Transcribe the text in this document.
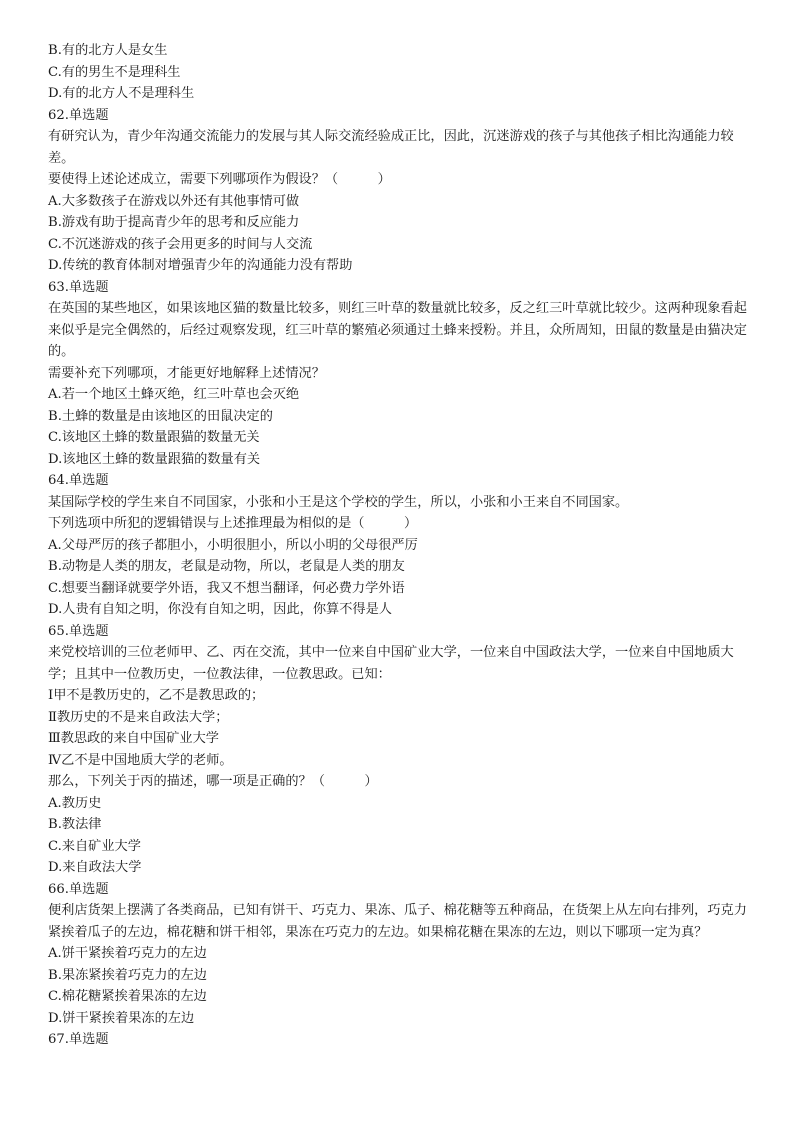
B.有的北方人是女生

C.有的男生不是理科生

D.有的北方人不是理科生

62.单选题

有研究认为，青少年沟通交流能力的发展与其人际交流经验成正比，因此，沉迷游戏的孩子与其他孩子相比沟通能力较差。

要使得上述论述成立，需要下列哪项作为假设？（　　　）

A.大多数孩子在游戏以外还有其他事情可做

B.游戏有助于提高青少年的思考和反应能力

C.不沉迷游戏的孩子会用更多的时间与人交流

D.传统的教育体制对增强青少年的沟通能力没有帮助

63.单选题

在英国的某些地区，如果该地区猫的数量比较多，则红三叶草的数量就比较多，反之红三叶草就比较少。这两种现象看起来似乎是完全偶然的，后经过观察发现，红三叶草的繁殖必须通过土蜂来授粉。并且，众所周知，田鼠的数量是由猫决定的。

需要补充下列哪项，才能更好地解释上述情况？

A.若一个地区土蜂灭绝，红三叶草也会灭绝

B.土蜂的数量是由该地区的田鼠决定的

C.该地区土蜂的数量跟猫的数量无关

D.该地区土蜂的数量跟猫的数量有关

64.单选题

某国际学校的学生来自不同国家，小张和小王是这个学校的学生，所以，小张和小王来自不同国家。

下列选项中所犯的逻辑错误与上述推理最为相似的是（　　　）

A.父母严厉的孩子都胆小，小明很胆小，所以小明的父母很严厉

B.动物是人类的朋友，老鼠是动物，所以，老鼠是人类的朋友

C.想要当翻译就要学外语，我又不想当翻译，何必费力学外语

D.人贵有自知之明，你没有自知之明，因此，你算不得是人

65.单选题

来党校培训的三位老师甲、乙、丙在交流，其中一位来自中国矿业大学，一位来自中国政法大学，一位来自中国地质大学；且其中一位教历史，一位教法律，一位教思政。已知：

Ⅰ甲不是教历史的，乙不是教思政的；

Ⅱ教历史的不是来自政法大学；

Ⅲ教思政的来自中国矿业大学

Ⅳ乙不是中国地质大学的老师。

那么，下列关于丙的描述，哪一项是正确的？（　　　）

A.教历史

B.教法律

C.来自矿业大学

D.来自政法大学

66.单选题

便利店货架上摆满了各类商品，已知有饼干、巧克力、果冻、瓜子、棉花糖等五种商品，在货架上从左向右排列，巧克力紧挨着瓜子的左边，棉花糖和饼干相邻，果冻在巧克力的左边。如果棉花糖在果冻的左边，则以下哪项一定为真？

A.饼干紧挨着巧克力的左边

B.果冻紧挨着巧克力的左边

C.棉花糖紧挨着果冻的左边

D.饼干紧挨着果冻的左边

67.单选题
